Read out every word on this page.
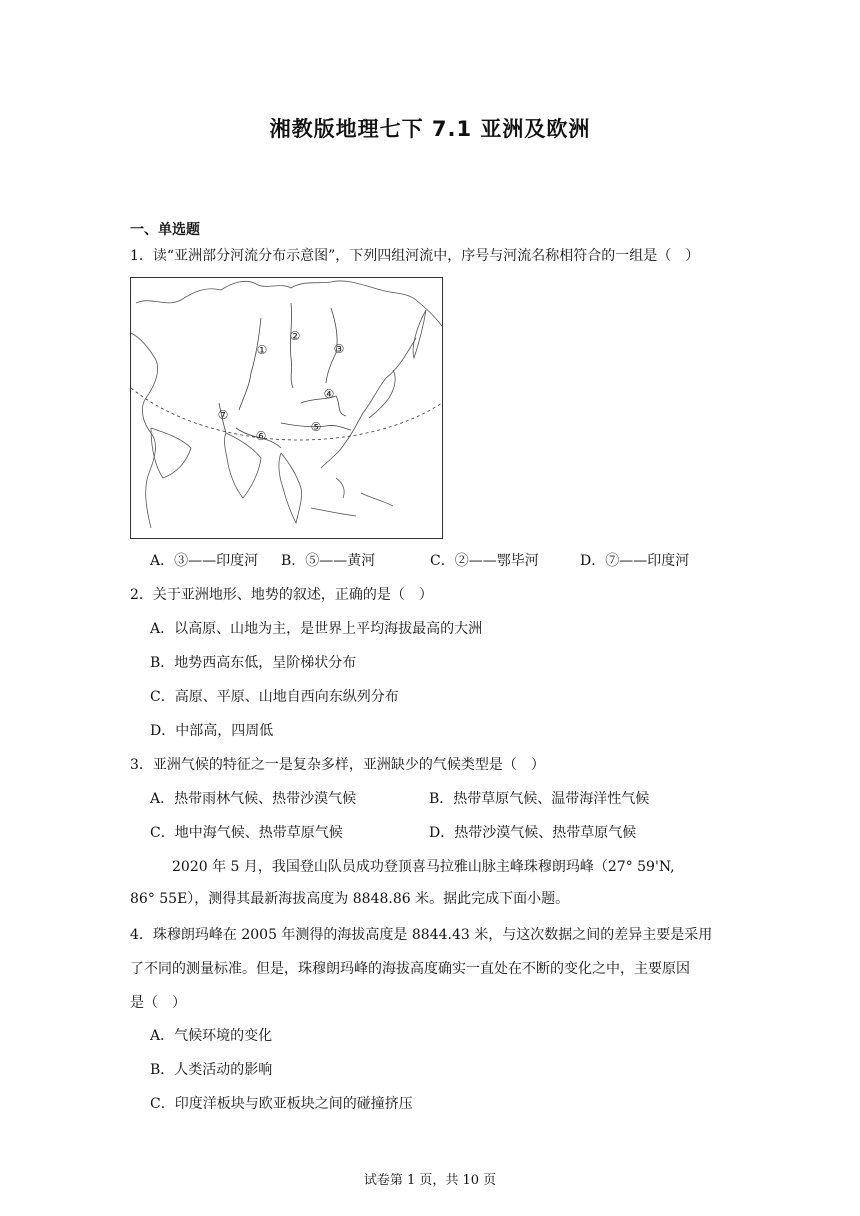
湘教版地理七下 7.1 亚洲及欧洲
一、单选题
1．读“亚洲部分河流分布示意图”，下列四组河流中，序号与河流名称相符合的一组是（　）
①
②
③
④
⑤
⑥
⑦
A．③——印度河 B．⑤——黄河	C．②——鄂毕河	D．⑦——印度河
2．关于亚洲地形、地势的叙述，正确的是（　）
A．以高原、山地为主，是世界上平均海拔最高的大洲
B．地势西高东低，呈阶梯状分布
C．高原、平原、山地自西向东纵列分布
D．中部高，四周低
3．亚洲气候的特征之一是复杂多样，亚洲缺少的气候类型是（　）
A．热带雨林气候、热带沙漠气候	B．热带草原气候、温带海洋性气候
C．地中海气候、热带草原气候	D．热带沙漠气候、热带草原气候
2020 年 5 月，我国登山队员成功登顶喜马拉雅山脉主峰珠穆朗玛峰（27° 59'N,
86° 55E），测得其最新海拔高度为 8848.86 米。据此完成下面小题。
4．珠穆朗玛峰在 2005 年测得的海拔高度是 8844.43 米，与这次数据之间的差异主要是采用
了不同的测量标准。但是，珠穆朗玛峰的海拔高度确实一直处在不断的变化之中，主要原因
是（　）
A．气候环境的变化
B．人类活动的影响
C．印度洋板块与欧亚板块之间的碰撞挤压
试卷第 1 页，共 10 页
